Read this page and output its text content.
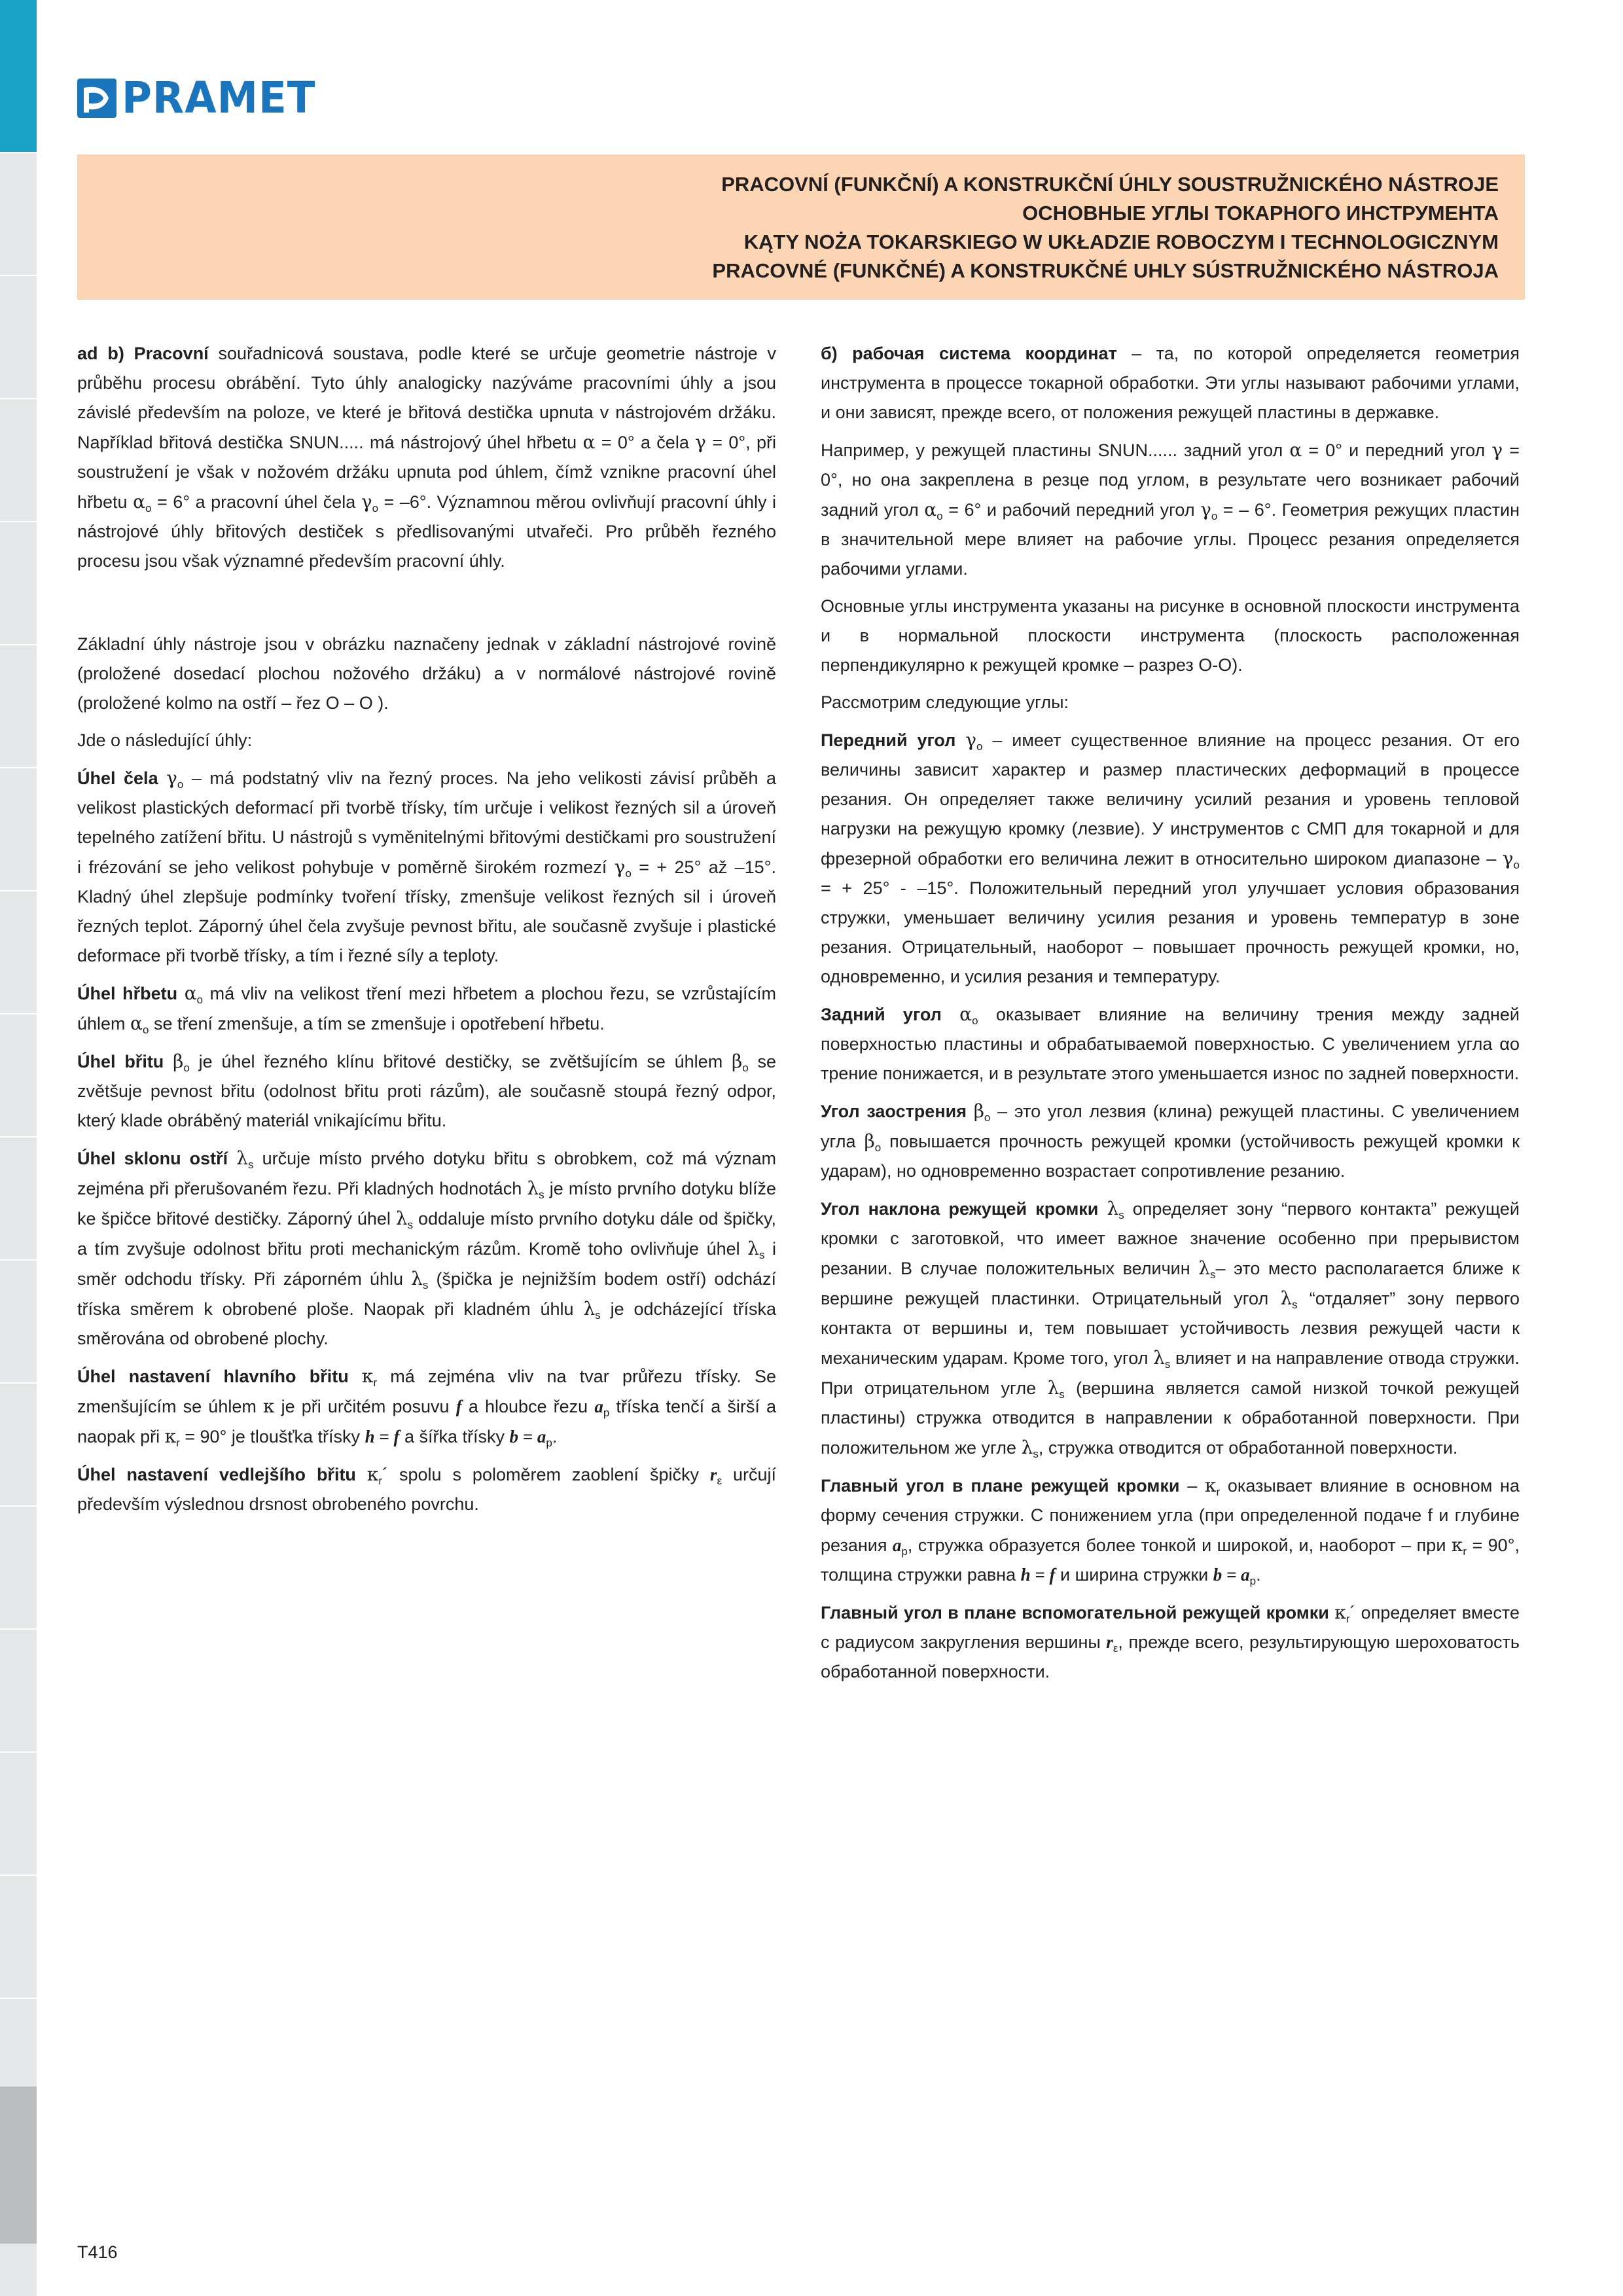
PRAMET
PRACOVNÍ (FUNKČNÍ) A KONSTRUKČNÍ ÚHLY SOUSTRUŽNICKÉHO NÁSTROJE
ОСНОВНЫЕ УГЛЫ ТОКАРНОГО ИНСТРУМЕНТА
KĄTY NOŻA TOKARSKIEGO W UKŁADZIE ROBOCZYM I TECHNOLOGICZNYM
PRACOVNÉ (FUNKČNÉ) A KONSTRUKČNÉ UHLY SÚSTRUŽNICKÉHO NÁSTROJA

ad b) Pracovní souřadnicová soustava, podle které se určuje geometrie nástroje v průběhu procesu obrábění. Tyto úhly analogicky nazýváme pracovními úhly a jsou závislé především na poloze, ve které je břitová destička upnuta v nástrojovém držáku. Například břitová destička SNUN..... má nástrojový úhel hřbetu α = 0° a čela γ = 0°, při soustružení je však v nožovém držáku upnuta pod úhlem, čímž vznikne pracovní úhel hřbetu $\alpha_o = 6^\circ$ a pracovní úhel čela $\gamma_o = -6^\circ$. Významnou měrou ovlivňují pracovní úhly i nástrojové úhly břitových destiček s předlisovanými utvařeči. Pro průběh řezného procesu jsou však významné především pracovní úhly.

Základní úhly nástroje jsou v obrázku naznačeny jednak v základní nástrojové rovině (proložené dosedací plochou nožového držáku) a v normálové nástrojové rovině (proložené kolmo na ostří – řez O – O ).

Jde o následující úhly:

Úhel čela $\gamma_o$ – má podstatný vliv na řezný proces. Na jeho velikosti závisí průběh a velikost plastických deformací při tvorbě třísky, tím určuje i velikost řezných sil a úroveň tepelného zatížení břitu. U nástrojů s vyměnitelnými břitovými destičkami pro soustružení i frézování se jeho velikost pohybuje v poměrně širokém rozmezí $\gamma_o$ = + 25° až –15°. Kladný úhel zlepšuje podmínky tvoření třísky, zmenšuje velikost řezných sil i úroveň řezných teplot. Záporný úhel čela zvyšuje pevnost břitu, ale současně zvyšuje i plastické deformace při tvorbě třísky, a tím i řezné síly a teploty.

Úhel hřbetu $\alpha_o$ má vliv na velikost tření mezi hřbetem a plochou řezu, se vzrůstajícím úhlem $\alpha_o$ se tření zmenšuje, a tím se zmenšuje i opotřebení hřbetu.

Úhel břitu $\beta_o$ je úhel řezného klínu břitové destičky, se zvětšujícím se úhlem $\beta_o$ se zvětšuje pevnost břitu (odolnost břitu proti rázům), ale současně stoupá řezný odpor, který klade obráběný materiál vnikajícímu břitu.

Úhel sklonu ostří $\lambda_s$ určuje místo prvého dotyku břitu s obrobkem, což má význam zejména při přerušovaném řezu. Při kladných hodnotách $\lambda_s$ je místo prvního dotyku blíže ke špičce břitové destičky. Záporný úhel $\lambda_s$ oddaluje místo prvního dotyku dále od špičky, a tím zvyšuje odolnost břitu proti mechanickým rázům. Kromě toho ovlivňuje úhel $\lambda_s$ i směr odchodu třísky. Při záporném úhlu $\lambda_s$ (špička je nejnižším bodem ostří) odchází tříska směrem k obrobené ploše. Naopak při kladném úhlu $\lambda_s$ je odcházející tříska směrována od obrobené plochy.

Úhel nastavení hlavního břitu $\kappa_r$ má zejména vliv na tvar průřezu třísky. Se zmenšujícím se úhlem κ je při určitém posuvu f a hloubce řezu $a_p$ tříska tenčí a širší a naopak při $\kappa_r = 90^\circ$ je tloušťka třísky h = f a šířka třísky $b = a_p$.

Úhel nastavení vedlejšího břitu $\kappa_r´$ spolu s poloměrem zaoblení špičky $r_\varepsilon$ určují především výslednou drsnost obrobeného povrchu.

б) рабочая система координат – та, по которой определяется геометрия инструмента в процессе токарной обработки. Эти углы называют рабочими углами, и они зависят, прежде всего, от положения режущей пластины в державке.

Например, у режущей пластины SNUN...... задний угол α = 0° и передний угол γ = 0°, но она закреплена в резце под углом, в результате чего возникает рабочий задний угол $\alpha_o = 6^\circ$ и рабочий передний угол $\gamma_o$ = – 6°. Геометрия режущих пластин в значительной мере влияет на рабочие углы. Процесс резания определяется рабочими углами.

Основные углы инструмента указаны на рисунке в основной плоскости инструмента и в нормальной плоскости инструмента (плоскость расположенная перпендикулярно к режущей кромке – разрез О-О).

Рассмотрим следующие углы:

Передний угол $\gamma_o$ – имеет существенное влияние на процесс резания. От его величины зависит характер и размер пластических деформаций в процессе резания. Он определяет также величину усилий резания и уровень тепловой нагрузки на режущую кромку (лезвие). У инструментов с СМП для токарной и для фрезерной обработки его величина лежит в относительно широком диапазоне – $\gamma_o$ = + 25° - –15°. Положительный передний угол улучшает условия образования стружки, уменьшает величину усилия резания и уровень температур в зоне резания. Отрицательный, наоборот – повышает прочность режущей кромки, но, одновременно, и усилия резания и температуру.

Задний угол $\alpha_o$ оказывает влияние на величину трения между задней поверхностью пластины и обрабатываемой поверхностью. С увеличением угла αo трение понижается, и в результате этого уменьшается износ по задней поверхности.

Угол заострения $\beta_o$ – это угол лезвия (клина) режущей пластины. С увеличением угла $\beta_o$ повышается прочность режущей кромки (устойчивость режущей кромки к ударам), но одновременно возрастает сопротивление резанию.

Угол наклона режущей кромки $\lambda_s$ определяет зону “первого контакта” режущей кромки с заготовкой, что имеет важное значение особенно при прерывистом резании. В случае положительных величин $\lambda_s-$ это место располагается ближе к вершине режущей пластинки. Отрицательный угол $\lambda_s$ “отдаляет” зону первого контакта от вершины и, тем повышает устойчивость лезвия режущей части к механическим ударам. Кроме того, угол $\lambda_s$ влияет и на направление отвода стружки. При отрицательном угле $\lambda_s$ (вершина является самой низкой точкой режущей пластины) стружка отводится в направлении к обработанной поверхности. При положительном же угле $\lambda_s$, стружка отводится от обработанной поверхности.

Главный угол в плане режущей кромки – $\kappa_r$ оказывает влияние в основном на форму сечения стружки. С понижением угла (при определенной подаче f и глубине резания $a_p$, стружка образуется более тонкой и широкой, и, наоборот – при $\kappa_r = 90^\circ$, толщина стружки равна h = f и ширина стружки $b = a_p$.

Главный угол в плане вспомогательной режущей кромки $\kappa_r´$ определяет вместе с радиусом закругления вершины $r_\varepsilon$, прежде всего, результирующую шероховатость обработанной поверхности.

T416
